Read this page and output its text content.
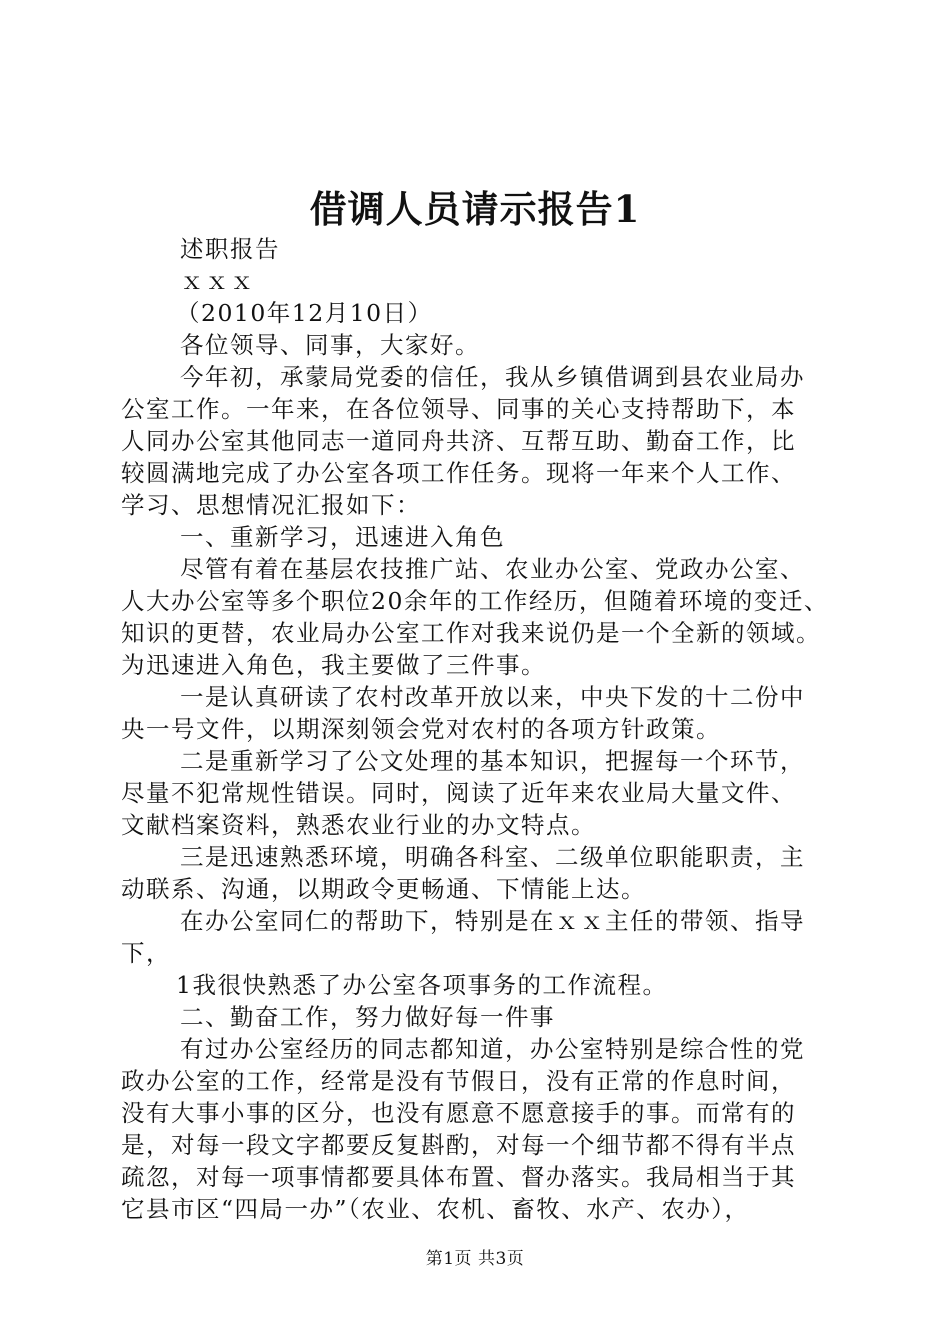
借调人员请示报告1
述职报告
ｘｘｘ
（2010年12月10日）
各位领导、同事，大家好。
今年初，承蒙局党委的信任，我从乡镇借调到县农业局办
公室工作。一年来，在各位领导、同事的关心支持帮助下，本
人同办公室其他同志一道同舟共济、互帮互助、勤奋工作，比
较圆满地完成了办公室各项工作任务。现将一年来个人工作、
学习、思想情况汇报如下：
一、重新学习，迅速进入角色
尽管有着在基层农技推广站、农业办公室、党政办公室、
人大办公室等多个职位20余年的工作经历，但随着环境的变迁、
知识的更替，农业局办公室工作对我来说仍是一个全新的领域。
为迅速进入角色，我主要做了三件事。
一是认真研读了农村改革开放以来，中央下发的十二份中
央一号文件，以期深刻领会党对农村的各项方针政策。
二是重新学习了公文处理的基本知识，把握每一个环节，
尽量不犯常规性错误。同时，阅读了近年来农业局大量文件、
文献档案资料，熟悉农业行业的办文特点。
三是迅速熟悉环境，明确各科室、二级单位职能职责，主
动联系、沟通，以期政令更畅通、下情能上达。
在办公室同仁的帮助下，特别是在ｘｘ主任的带领、指导
下，
1我很快熟悉了办公室各项事务的工作流程。
二、勤奋工作，努力做好每一件事
有过办公室经历的同志都知道，办公室特别是综合性的党
政办公室的工作，经常是没有节假日，没有正常的作息时间，
没有大事小事的区分，也没有愿意不愿意接手的事。而常有的
是，对每一段文字都要反复斟酌，对每一个细节都不得有半点
疏忽，对每一项事情都要具体布置、督办落实。我局相当于其
它县市区“四局一办”（农业、农机、畜牧、水产、农办），
第1页 共3页
